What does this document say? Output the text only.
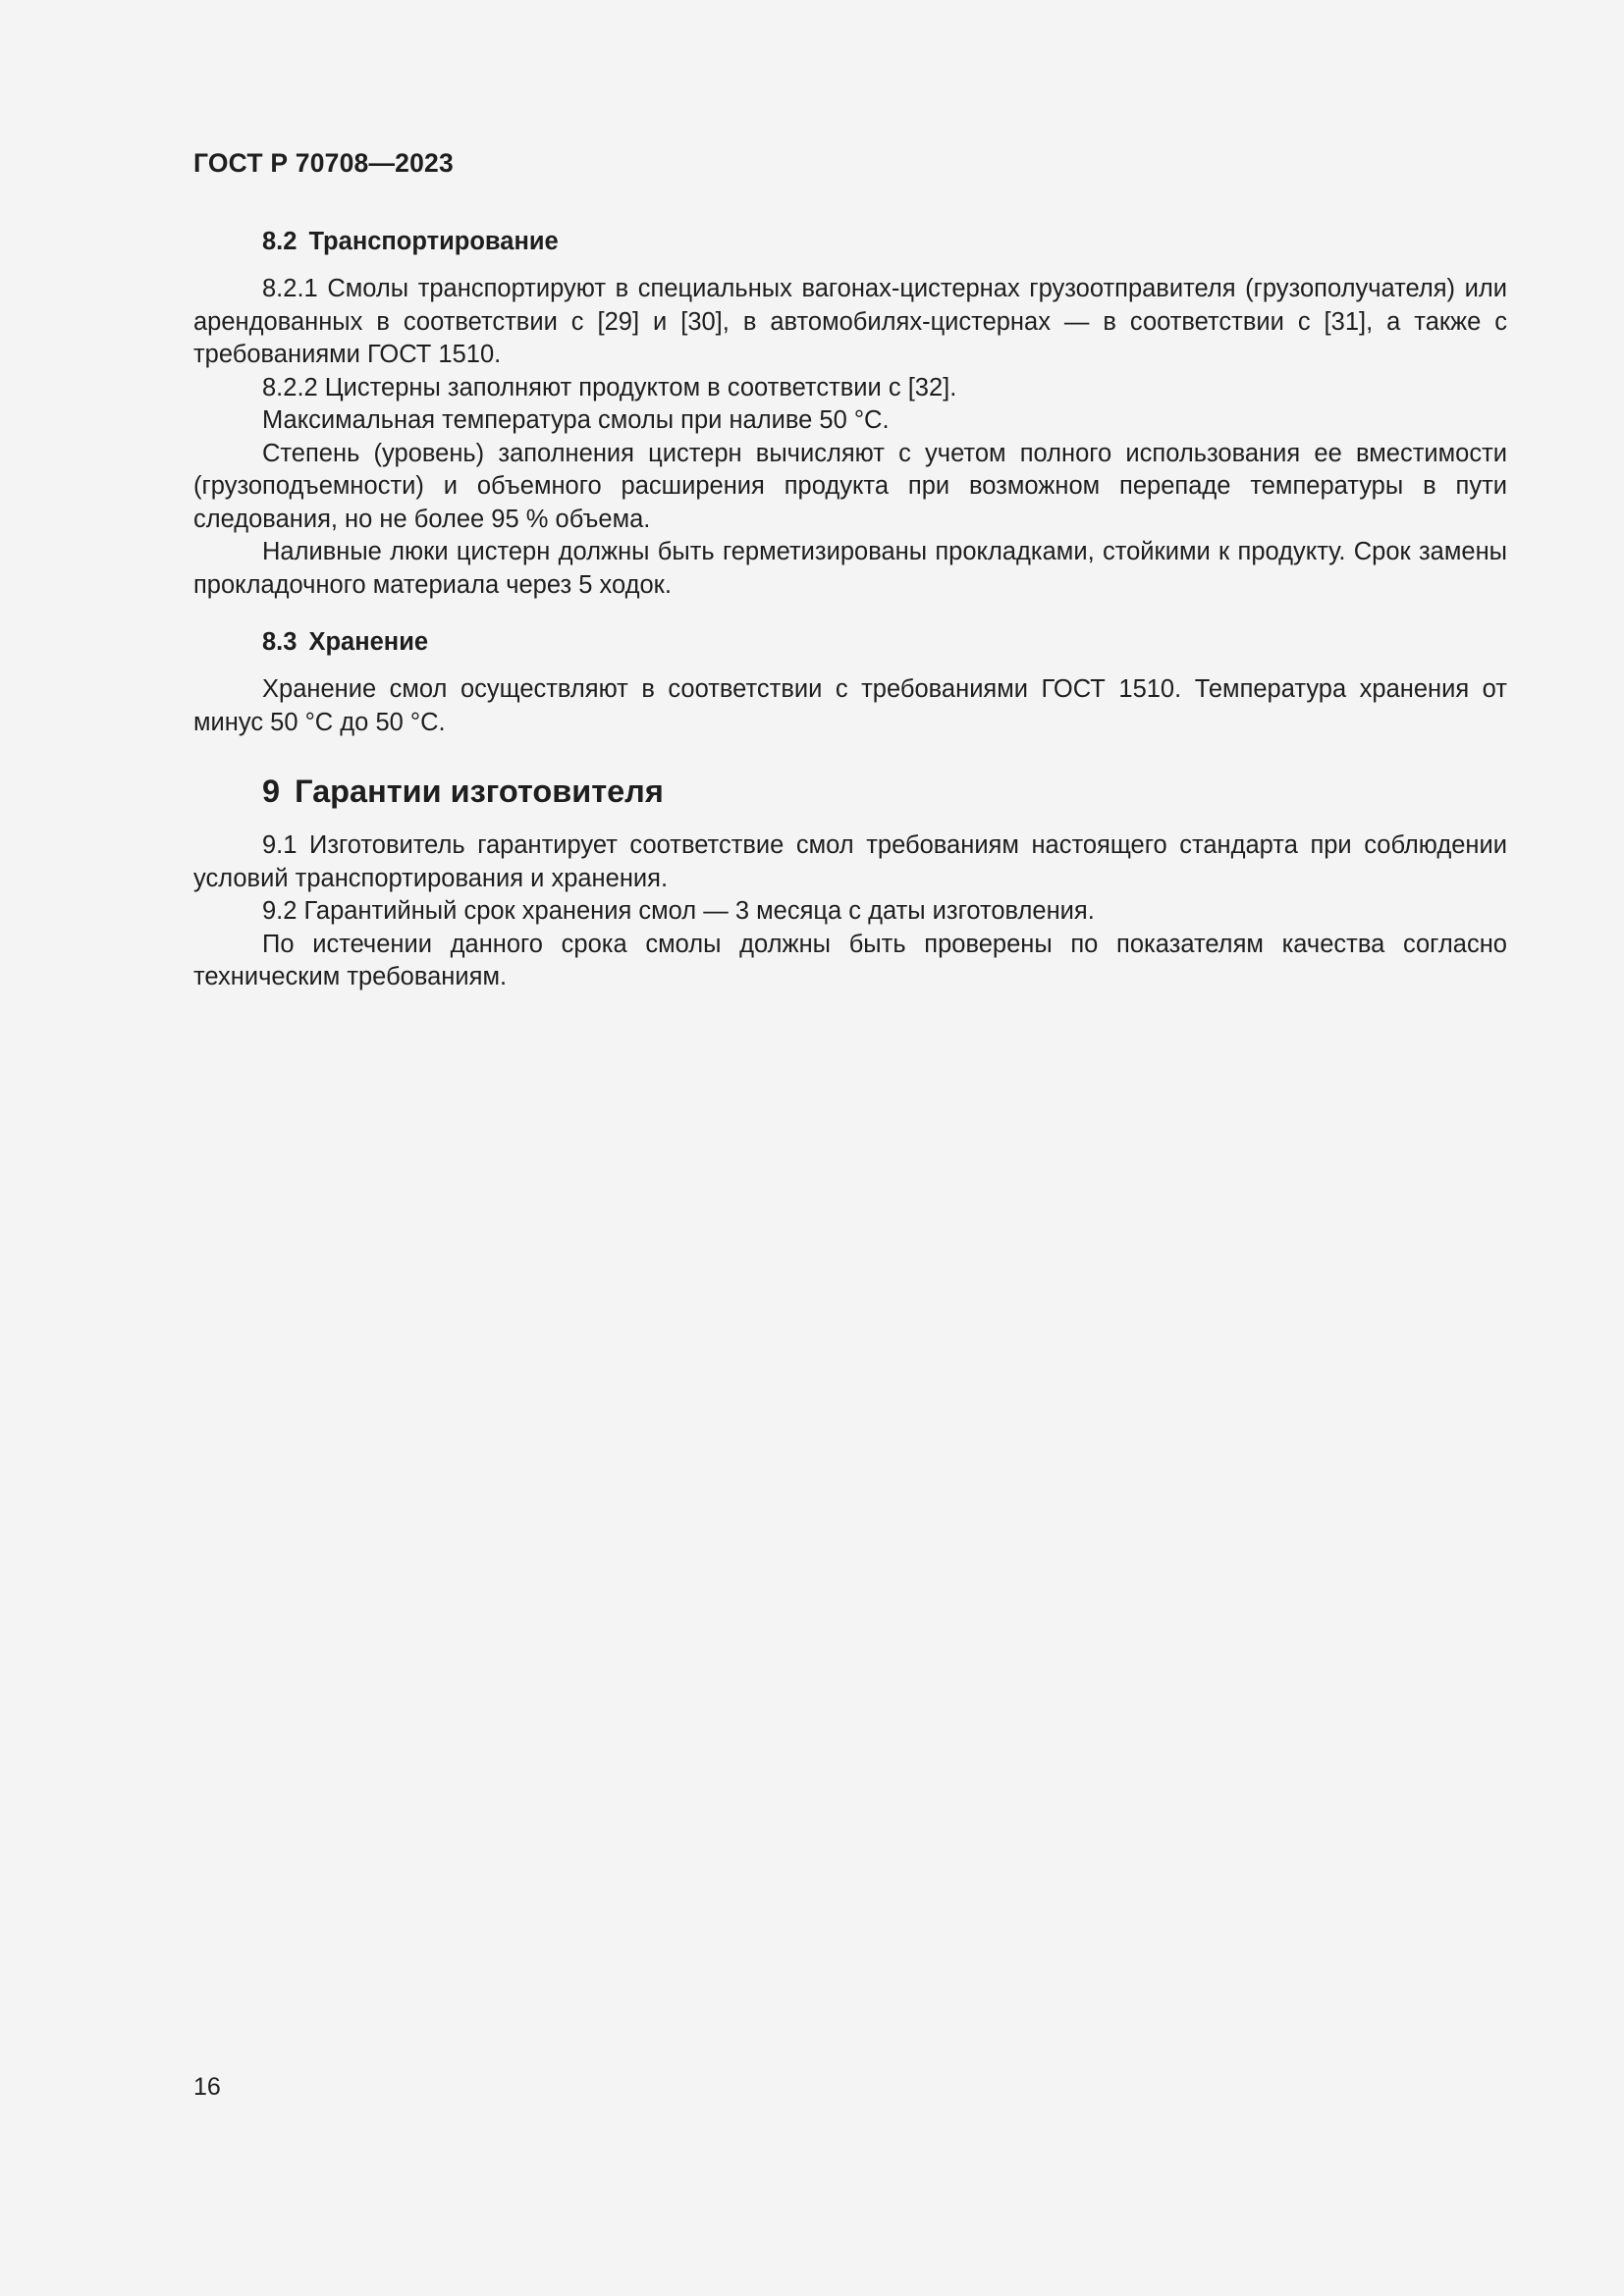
ГОСТ Р 70708—2023
8.2 Транспортирование

8.2.1 Смолы транспортируют в специальных вагонах-цистернах грузоотправителя (грузополучателя) или арендованных в соответствии с [29] и [30], в автомобилях-цистернах — в соответствии с [31], а также с требованиями ГОСТ 1510.

8.2.2 Цистерны заполняют продуктом в соответствии с [32].

Максимальная температура смолы при наливе 50 °С.

Степень (уровень) заполнения цистерн вычисляют с учетом полного использования ее вместимости (грузоподъемности) и объемного расширения продукта при возможном перепаде температуры в пути следования, но не более 95 % объема.

Наливные люки цистерн должны быть герметизированы прокладками, стойкими к продукту. Срок замены прокладочного материала через 5 ходок.

8.3 Хранение

Хранение смол осуществляют в соответствии с требованиями ГОСТ 1510. Температура хранения от минус 50 °С до 50 °С.

9 Гарантии изготовителя

9.1 Изготовитель гарантирует соответствие смол требованиям настоящего стандарта при соблюдении условий транспортирования и хранения.

9.2 Гарантийный срок хранения смол — 3 месяца с даты изготовления.

По истечении данного срока смолы должны быть проверены по показателям качества согласно техническим требованиям.

16
